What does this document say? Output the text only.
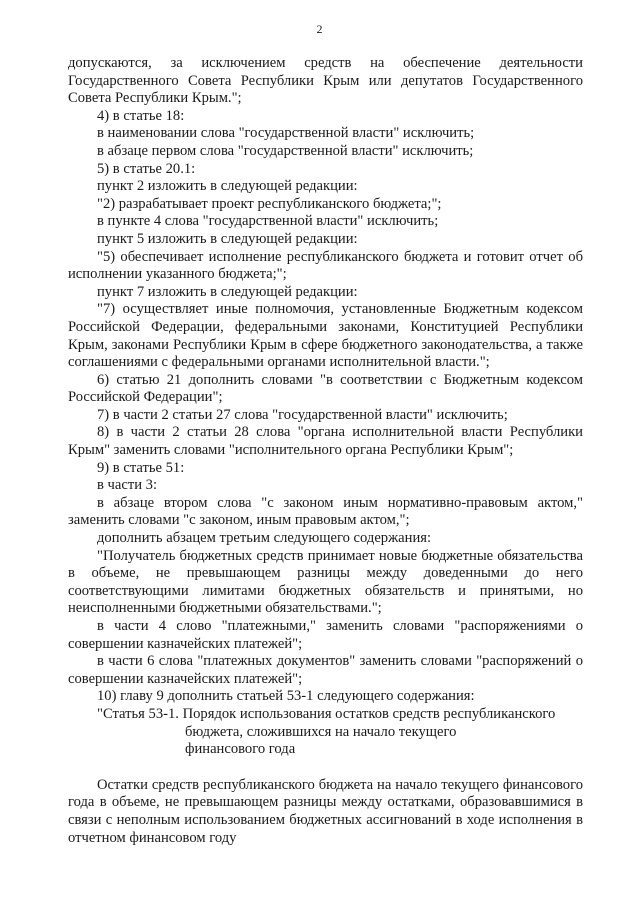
2

допускаются, за исключением средств на обеспечение деятельности Государственного Совета Республики Крым или депутатов Государственного Совета Республики Крым.";

4) в статье 18:

в наименовании слова "государственной власти" исключить;

в абзаце первом слова "государственной власти" исключить;

5) в статье 20.1:

пункт 2 изложить в следующей редакции:

"2) разрабатывает проект республиканского бюджета;";

в пункте 4 слова "государственной власти" исключить;

пункт 5 изложить в следующей редакции:

"5) обеспечивает исполнение республиканского бюджета и готовит отчет об исполнении указанного бюджета;";

пункт 7 изложить в следующей редакции:

"7) осуществляет иные полномочия, установленные Бюджетным кодексом Российской Федерации, федеральными законами, Конституцией Республики Крым, законами Республики Крым в сфере бюджетного законодательства, а также соглашениями с федеральными органами исполнительной власти.";

6) статью 21 дополнить словами "в соответствии с Бюджетным кодексом Российской Федерации";

7) в части 2 статьи 27 слова "государственной власти" исключить;

8) в части 2 статьи 28 слова "органа исполнительной власти Республики Крым" заменить словами "исполнительного органа Республики Крым";

9) в статье 51:

в части 3:

в абзаце втором слова "с законом иным нормативно-правовым актом," заменить словами "с законом, иным правовым актом,";

дополнить абзацем третьим следующего содержания:

"Получатель бюджетных средств принимает новые бюджетные обязательства в объеме, не превышающем разницы между доведенными до него соответствующими лимитами бюджетных обязательств и принятыми, но неисполненными бюджетными обязательствами.";

в части 4 слово "платежными," заменить словами "распоряжениями о совершении казначейских платежей";

в части 6 слова "платежных документов" заменить словами "распоряжений о совершении казначейских платежей";

10) главу 9 дополнить статьей 53-1 следующего содержания:

"Статья 53-1. Порядок использования остатков средств республиканского

бюджета, сложившихся на начало текущего

финансового года

Остатки средств республиканского бюджета на начало текущего финансового года в объеме, не превышающем разницы между остатками, образовавшимися в связи с неполным использованием бюджетных ассигнований в ходе исполнения в отчетном финансовом году
